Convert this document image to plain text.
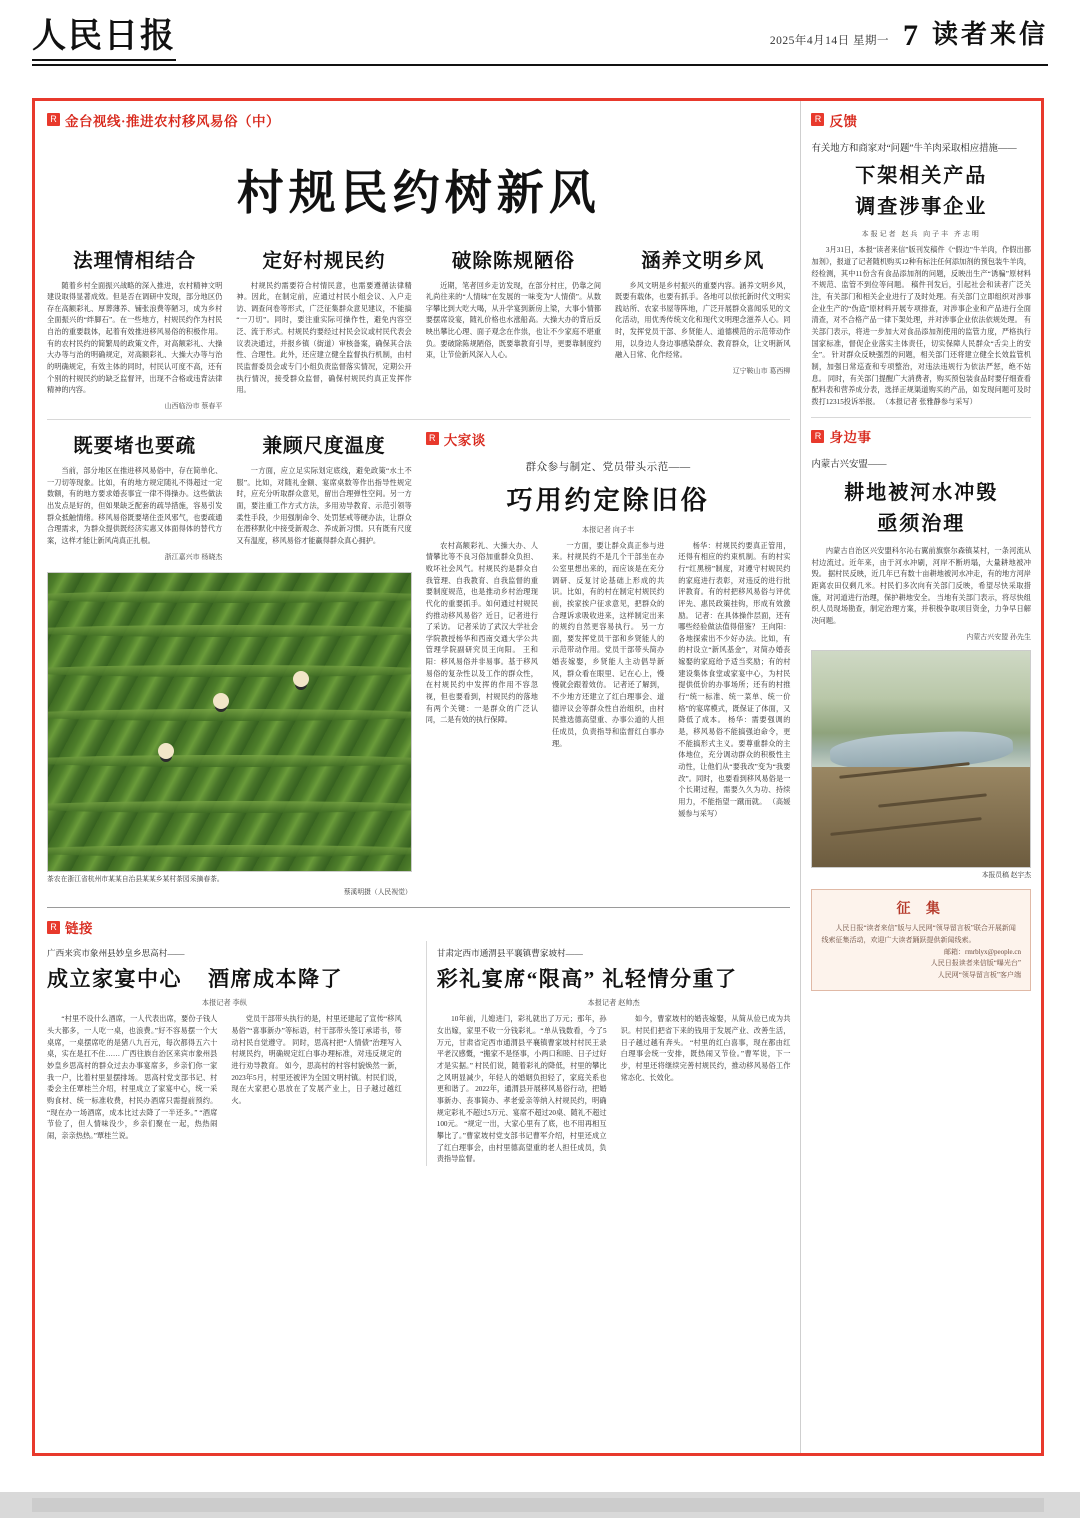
人民日报	2025年4月14日 星期一 7 读者来信
R 金台视线·推进农村移风易俗（中）
村规民约树新风
法理情相结合
随着乡村全面振兴战略的深入推进，农村精神文明建设取得显著成效。但是否在调研中发现，部分地区仍存在高额彩礼、厚葬薄养、铺张浪费等陋习，成为乡村全面振兴的“绊脚石”。在一些地方，村规民约作为村民自治的重要载体，起着有效推进移风易俗的积极作用。有的农村民约的简繁局的政策文件，对高额彩礼、大操大办等与治的明确规定，对高额彩礼、大操大办等与治的明确规定，有效主体的同时，村民认可度不高，还有个别的村规民约的缺乏监督评，出现不合格或违背法律精神的内容。
山西临汾市 蔡春平
定好村规民约
村规民约需要符合村情民意，也需要遵循法律精神。因此，在制定前，应通过村民小组会议、入户走访、调查问卷等形式，广泛征集群众意见建议，不能搞“一刀切”。同时，要注重实际可操作性，避免内容空泛、流于形式。村规民约要经过村民会议或村民代表会议表决通过，并报乡镇（街道）审核备案，确保其合法性、合理性。此外，还应建立健全监督执行机制，由村民监督委员会或专门小组负责监督落实情况，定期公开执行情况，接受群众监督，确保村规民约真正发挥作用。
破除陈规陋俗
近期，笔者回乡走访发现，在部分村庄，仍靠之间礼尚往来的“人情味”在发展的一味变为“人情债”。从数字攀比到大吃大喝，从升学宴到新房上梁，大事小情都要摆席设宴，随礼价格也水涨船高。大操大办的背后反映出攀比心理、面子观念在作祟，也让不少家庭不堪重负。要破除陈规陋俗，既要靠教育引导，更要靠制度约束，让节俭新风深入人心。
涵养文明乡风
乡风文明是乡村振兴的重要内容。涵养文明乡风，既要有载体，也要有抓手。各地可以依托新时代文明实践站所、农家书屋等阵地，广泛开展群众喜闻乐见的文化活动，用优秀传统文化和现代文明理念滋养人心。同时，发挥党员干部、乡贤能人、道德模范的示范带动作用，以身边人身边事感染群众、教育群众，让文明新风融入日常、化作经常。
辽宁鞍山市 葛西柳
既要堵也要疏
当前，部分地区在推进移风易俗中，存在简单化、一刀切等现象。比如，有的地方规定随礼不得超过一定数额，有的地方要求婚丧事宜一律不得操办。这些做法出发点是好的，但如果缺乏配套的疏导措施，容易引发群众抵触情绪。移风易俗既要堵住歪风邪气，也要疏通合理需求，为群众提供既经济实惠又体面得体的替代方案，这样才能让新风尚真正扎根。
浙江嘉兴市 杨晓杰
兼顾尺度温度
一方面，应立足实际划定底线，避免政策“水土不服”。比如，对随礼金额、宴席桌数等作出指导性规定时，应充分听取群众意见，留出合理弹性空间。另一方面，要注重工作方式方法，多用劝导教育、示范引领等柔性手段，少用强制命令、处罚惩戒等硬办法，让群众在潜移默化中接受新观念、养成新习惯。只有既有尺度又有温度，移风易俗才能赢得群众真心拥护。
茶农在浙江省杭州市某某自治县某某乡某村茶园采摘春茶。
蔡溪明摄（人民视觉）
R 大家谈
群众参与制定、党员带头示范——
巧用约定除旧俗
本报记者 向子丰
农村高额彩礼、大操大办、人情攀比等不良习俗加重群众负担、败坏社会风气。村规民约是群众自我管理、自我教育、自我监督的重要制度规范，也是推动乡村治理现代化的重要抓手。如何通过村规民约推动移风易俗？近日，记者进行了采访。 记者采访了武汉大学社会学院教授杨华和西南交通大学公共管理学院副研究员王向阳。 王和阳：移风易俗并非易事。基于移风易俗的复杂性以及工作的群众性，在村规民约中发挥的作用不容忽视，但也要看到，村规民约的落地有两个关键：一是群众的广泛认同，二是有效的执行保障。
一方面，要让群众真正参与进来。村规民约不是几个干部坐在办公室里想出来的，而应该是在充分调研、反复讨论基础上形成的共识。比如，有的村在制定村规民约前，挨家挨户征求意见，把群众的合理诉求吸收进来，这样制定出来的规约自然更容易执行。 另一方面，要发挥党员干部和乡贤能人的示范带动作用。党员干部带头简办婚丧嫁娶，乡贤能人主动倡导新风，群众看在眼里、记在心上，慢慢就会跟着效仿。 记者还了解到，不少地方还建立了红白理事会、道德评议会等群众性自治组织，由村民推选德高望重、办事公道的人担任成员，负责指导和监督红白事办理。
杨华：村规民约要真正管用，还得有相应的约束机制。有的村实行“红黑榜”制度，对遵守村规民约的家庭进行表彰，对违反的进行批评教育。有的村把移风易俗与评优评先、惠民政策挂钩，形成有效激励。 记者：在具体操作层面，还有哪些经验做法值得借鉴？ 王向阳：各地探索出不少好办法。比如，有的村设立“新风基金”，对简办婚丧嫁娶的家庭给予适当奖励；有的村建设集体食堂或家宴中心，为村民提供低价的办事场所；还有的村推行“统一标准、统一菜单、统一价格”的宴席模式，既保证了体面，又降低了成本。 杨华：需要强调的是，移风易俗不能搞强迫命令，更不能搞形式主义。要尊重群众的主体地位，充分调动群众的积极性主动性，让他们从“要我改”变为“我要改”。同时，也要看到移风易俗是一个长期过程，需要久久为功、持续用力，不能指望一蹴而就。 （高媛媛参与采写）
R 链接
广西来宾市象州县妙皇乡思高村——
成立家宴中心 酒席成本降了
本报记者 李纵
“村里不设什么酒席，一人代表出席，要份子钱人头大都多，一人吃一桌，也浪费。”好不容易摆一个大桌席，一桌摆席吃的是猪八九百元，每次都得五六十桌，实在是扛不住…… 广西往族自治区来宾市象州县妙皇乡思高村的群众过去办事宴席多，乡亲们你一家我一户，比着村里显摆排场。 思高村党支部书记、村委会主任覃桂兰介绍，村里成立了家宴中心，统一采购食材、统一标准收费，村民办酒席只需提前预约。“现在办一场酒席，成本比过去降了一半还多。” “酒席节俭了，但人情味没少，乡亲们聚在一起，热热闹闹，亲亲热热。”覃桂兰说。
党员干部带头执行的是，村里还建起了宣传“移风易俗”“喜事新办”等标语，村干部带头签订承诺书，带动村民自觉遵守。 同时，思高村把“人情债”治理写入村规民约，明确规定红白事办理标准，对违反规定的进行劝导教育。 如今，思高村的村容村貌焕然一新，2023年5月，村里还被评为全国文明村镇。村民们说，现在大家把心思放在了发展产业上，日子越过越红火。
甘肃定西市通渭县平襄镇曹家坡村——
彩礼宴席“限高” 礼轻情分重了
本报记者 赵帅杰
10年前，儿媳进门，彩礼就出了万元；那年，孙女出嫁，家里不收一分钱彩礼。“单从钱数看，今了5万元，甘肃省定西市通渭县平襄镇曹家坡村村民王录平老汉感慨，“搬家不是怪事，小两口和睦、日子过好才是实据。” 村民们说，随着彩礼的降低，村里的攀比之风明显减少，年轻人的婚姻负担轻了，家庭关系也更和谐了。 2022年，通渭县开展移风易俗行动，把婚事新办、丧事简办、孝老爱亲等纳入村规民约，明确规定彩礼不超过5万元、宴席不超过20桌、随礼不超过100元。 “规定一出，大家心里有了底，也不用再相互攀比了。”曹家坡村党支部书记曹军介绍，村里还成立了红白理事会，由村里德高望重的老人担任成员，负责指导监督。
如今，曹家坡村的婚丧嫁娶，从简从俭已成为共识。村民们把省下来的钱用于发展产业、改善生活，日子越过越有奔头。 “村里的红白喜事，现在都由红白理事会统一安排，既热闹又节俭。”曹军说，下一步，村里还将继续完善村规民约，推动移风易俗工作常态化、长效化。
R 反馈
有关地方和商家对“问题”牛羊肉采取相应措施——
下架相关产品
调查涉事企业
本报记者 赵兵 向子丰 齐志明
3月31日，本报“读者来信”版刊发稿件《“假边”牛羊肉，作假出都加剂》，报道了记者随机购买12种有标注任何添加剂的预包装牛羊肉，经检测，其中11份含有食品添加剂的问题，反映出生产“诱骗”原材料不规范、监管不到位等问题。 稿件刊发后，引起社会和读者广泛关注，有关部门和相关企业进行了及时处理。有关部门立即组织对涉事企业生产的“伪造”原材料开展专项排查，对涉事企业和产品进行全面清查，对不合格产品一律下架处理，并对涉事企业依法依规处理。 有关部门表示，将进一步加大对食品添加剂使用的监管力度，严格执行国家标准，督促企业落实主体责任，切实保障人民群众“舌尖上的安全”。 针对群众反映强烈的问题，相关部门还将建立健全长效监管机制，加强日常巡查和专项整治，对违法违规行为依法严惩，绝不姑息。 同时，有关部门提醒广大消费者，购买预包装食品时要仔细查看配料表和营养成分表，选择正规渠道购买的产品，如发现问题可及时拨打12315投诉举报。 （本报记者 张雅静参与采写）
R 身边事
内蒙古兴安盟——
耕地被河水冲毁
亟须治理
内蒙古自治区兴安盟科尔沁右翼前旗察尔森镇某村，一条河流从村边流过。近年来，由于河水冲刷，河岸不断坍塌，大量耕地被冲毁。 据村民反映，近几年已有数十亩耕地被河水冲走，有的地方河岸距离农田仅剩几米。村民们多次向有关部门反映，希望尽快采取措施，对河道进行治理，保护耕地安全。 当地有关部门表示，将尽快组织人员现场勘查，制定治理方案，并积极争取项目资金，力争早日解决问题。
内蒙古兴安盟 孙先生
本报员稿 赵宇杰
征 集
人民日报“读者来信”版与人民网“领导留言板”联合开展新闻线索征集活动，欢迎广大读者踊跃提供新闻线索。
邮箱：rmrblyx@people.cn
人民日报读者来信版“曝光台”
人民网“领导留言板”客户端
